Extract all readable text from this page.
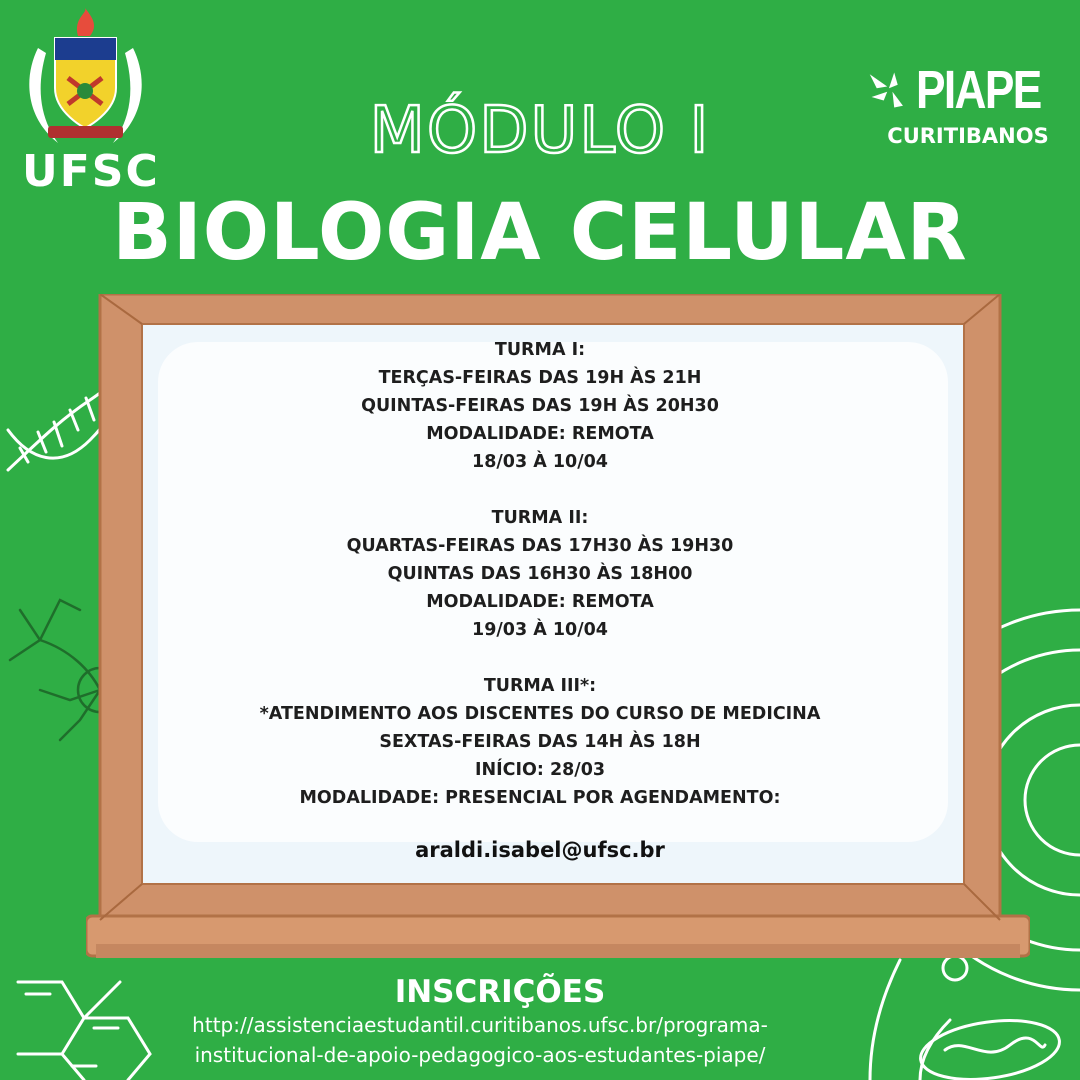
UFSC
MÓDULO I
PIAPE
CURITIBANOS
BIOLOGIA CELULAR
TURMA I:
TERÇAS-FEIRAS DAS 19H ÀS 21H
QUINTAS-FEIRAS DAS 19H ÀS 20H30
MODALIDADE: REMOTA
18/03 À 10/04
TURMA II:
QUARTAS-FEIRAS DAS 17H30 ÀS 19H30
QUINTAS DAS 16H30 ÀS 18H00
MODALIDADE: REMOTA
19/03 À 10/04
TURMA III*:
*ATENDIMENTO AOS DISCENTES DO CURSO DE MEDICINA
SEXTAS-FEIRAS DAS 14H ÀS 18H
INÍCIO: 28/03
MODALIDADE: PRESENCIAL POR AGENDAMENTO:
araldi.isabel@ufsc.br
INSCRIÇÕES
http://assistenciaestudantil.curitibanos.ufsc.br/programa-
institucional-de-apoio-pedagogico-aos-estudantes-piape/
